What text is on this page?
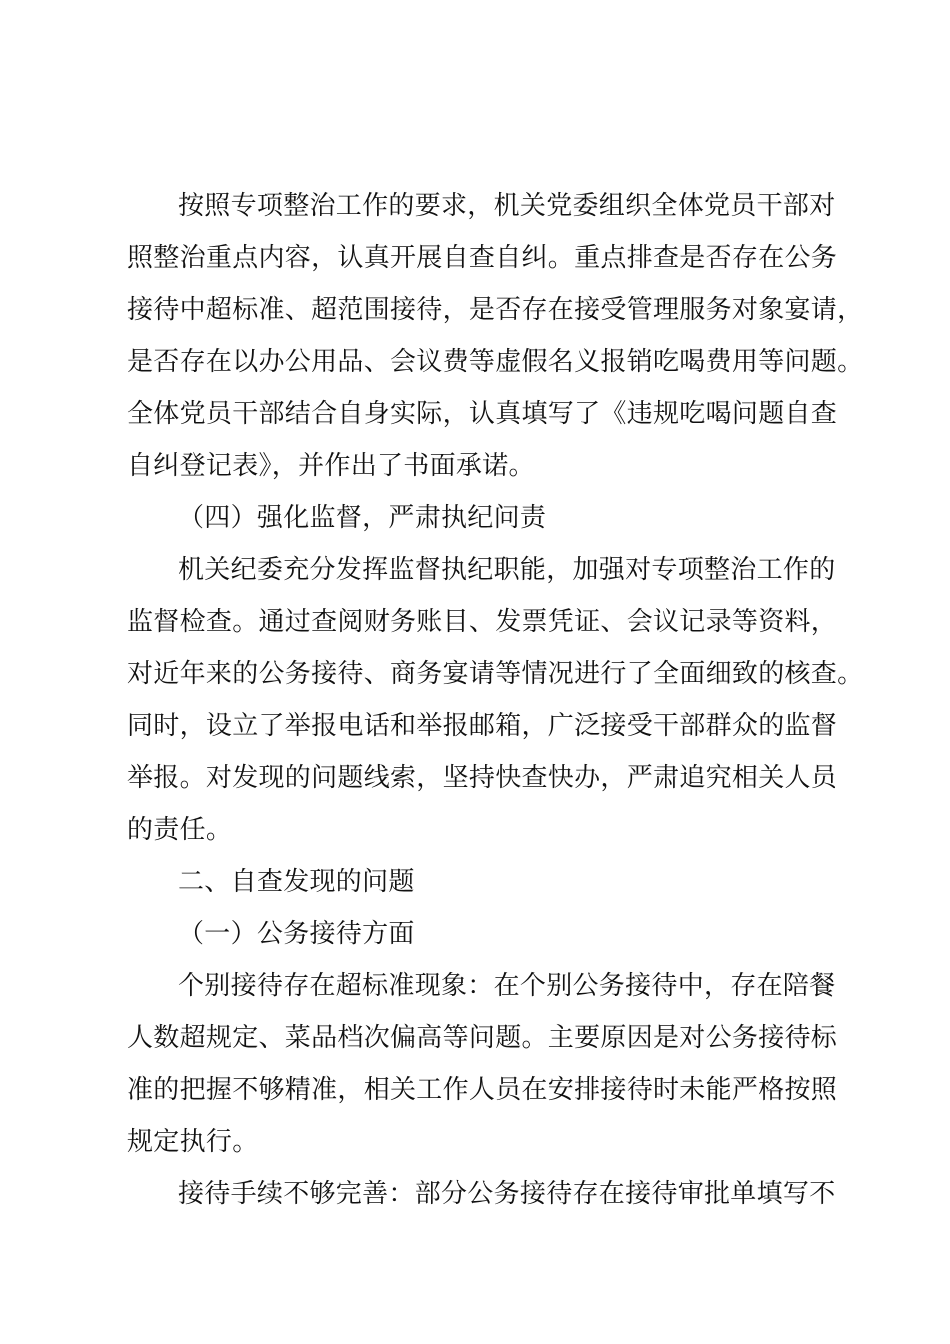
按照专项整治工作的要求，机关党委组织全体党员干部对
照整治重点内容，认真开展自查自纠。重点排查是否存在公务
接待中超标准、超范围接待，是否存在接受管理服务对象宴请，
是否存在以办公用品、会议费等虚假名义报销吃喝费用等问题。
全体党员干部结合自身实际，认真填写了《违规吃喝问题自查
自纠登记表》，并作出了书面承诺。
（四）强化监督，严肃执纪问责
机关纪委充分发挥监督执纪职能，加强对专项整治工作的
监督检查。通过查阅财务账目、发票凭证、会议记录等资料，
对近年来的公务接待、商务宴请等情况进行了全面细致的核查。
同时，设立了举报电话和举报邮箱，广泛接受干部群众的监督
举报。对发现的问题线索，坚持快查快办，严肃追究相关人员
的责任。
二、自查发现的问题
（一）公务接待方面
个别接待存在超标准现象：在个别公务接待中，存在陪餐
人数超规定、菜品档次偏高等问题。主要原因是对公务接待标
准的把握不够精准，相关工作人员在安排接待时未能严格按照
规定执行。
接待手续不够完善：部分公务接待存在接待审批单填写不
